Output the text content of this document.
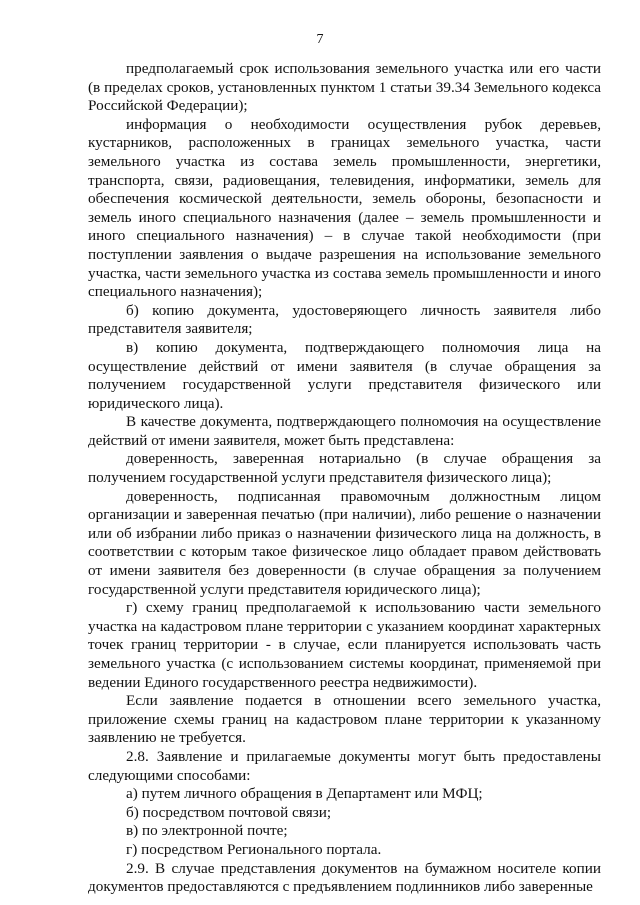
7

предполагаемый срок использования земельного участка или его части (в пределах сроков, установленных пунктом 1 статьи 39.34 Земельного кодекса Российской Федерации);

информация о необходимости осуществления рубок деревьев, кустарников, расположенных в границах земельного участка, части земельного участка из состава земель промышленности, энергетики, транспорта, связи, радиовещания, телевидения, информатики, земель для обеспечения космической деятельности, земель обороны, безопасности и земель иного специального назначения (далее – земель промышленности и иного специального назначения) – в случае такой необходимости (при поступлении заявления о выдаче разрешения на использование земельного участка, части земельного участка из состава земель промышленности и иного специального назначения);

б) копию документа, удостоверяющего личность заявителя либо представителя заявителя;

в) копию документа, подтверждающего полномочия лица на осуществление действий от имени заявителя (в случае обращения за получением государственной услуги представителя физического или юридического лица).

В качестве документа, подтверждающего полномочия на осуществление действий от имени заявителя, может быть представлена:

доверенность, заверенная нотариально (в случае обращения за получением государственной услуги представителя физического лица);

доверенность, подписанная правомочным должностным лицом организации и заверенная печатью (при наличии), либо решение о назначении или об избрании либо приказ о назначении физического лица на должность, в соответствии с которым такое физическое лицо обладает правом действовать от имени заявителя без доверенности (в случае обращения за получением государственной услуги представителя юридического лица);

г) схему границ предполагаемой к использованию части земельного участка на кадастровом плане территории с указанием координат характерных точек границ территории - в случае, если планируется использовать часть земельного участка (с использованием системы координат, применяемой при ведении Единого государственного реестра недвижимости).

Если заявление подается в отношении всего земельного участка, приложение схемы границ на кадастровом плане территории к указанному заявлению не требуется.

2.8. Заявление и прилагаемые документы могут быть предоставлены следующими способами:

а) путем личного обращения в Департамент или МФЦ;

б) посредством почтовой связи;

в) по электронной почте;

г) посредством Регионального портала.

2.9. В случае представления документов на бумажном носителе копии документов предоставляются с предъявлением подлинников либо заверенные
